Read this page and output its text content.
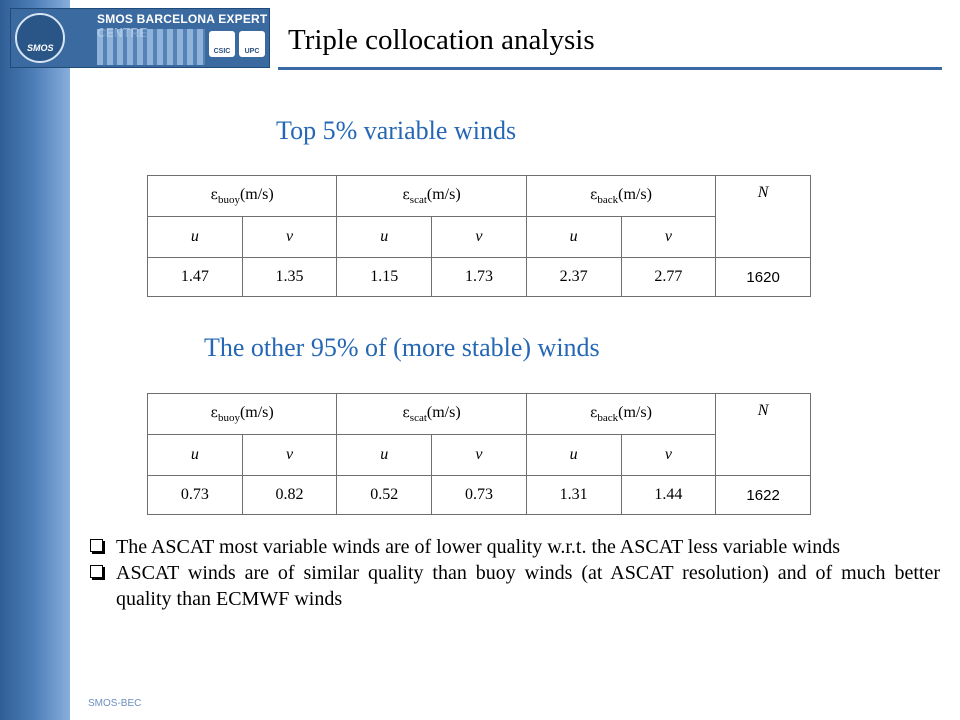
SMOS
SMOS BARCELONA EXPERT
CSIC	UPC Triple collocation analysis
Top 5% variable winds
$\varepsilon_{buoy}(m/s)$		$\varepsilon_{scat}(m/s)$		$\varepsilon_{back}(m/s)$		N
u	v	u	v	u	v	
1.47	1.35	1.15	1.73	2.37	2.77	1620
The other 95% of (more stable) winds
$\varepsilon_{buoy}(m/s)$		$\varepsilon_{scat}(m/s)$		$\varepsilon_{back}(m/s)$		N
u	v	u	v	u	v	
0.73	0.82	0.52	0.73	1.31	1.44	1622
The ASCAT most variable winds are of lower quality w.r.t. the ASCAT less variable winds
ASCAT winds are of similar quality than buoy winds (at ASCAT resolution) and of much better quality than ECMWF winds
SMOS-BEC
